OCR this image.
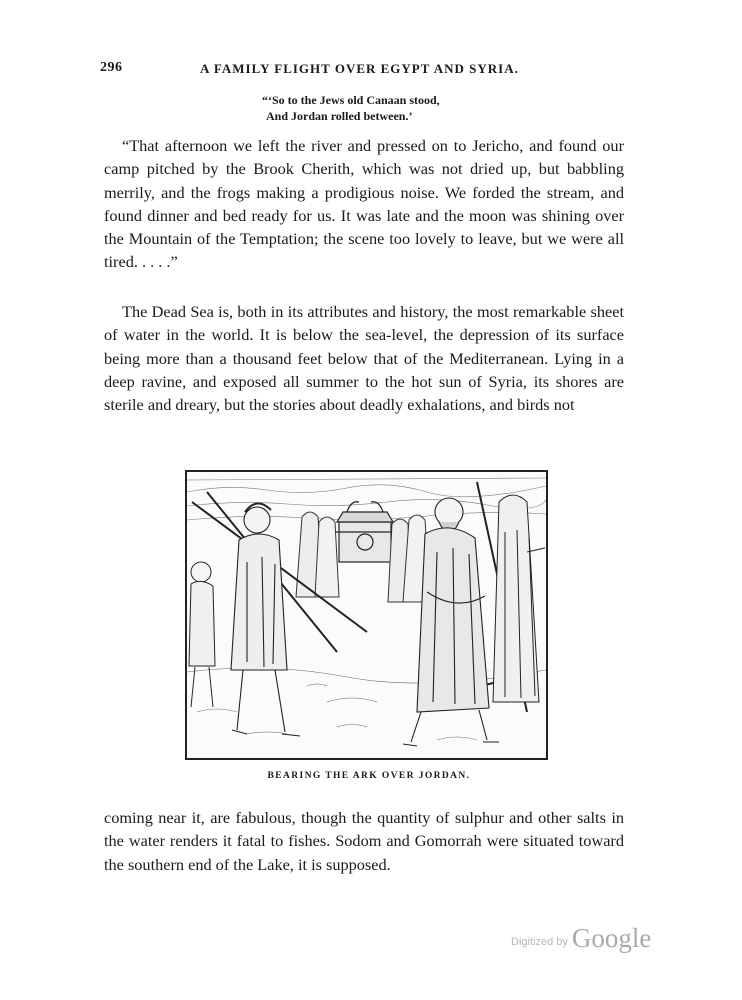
296	A FAMILY FLIGHT OVER EGYPT AND SYRIA.
“‘So to the Jews old Canaan stood,
And Jordan rolled between.’

“That afternoon we left the river and pressed on to Jericho, and found our camp pitched by the Brook Cherith, which was not dried up, but babbling merrily, and the frogs making a prodigious noise. We forded the stream, and found dinner and bed ready for us. It was late and the moon was shining over the Mountain of the Temptation; the scene too lovely to leave, but we were all tired. . . . .”

The Dead Sea is, both in its attributes and history, the most remarkable sheet of water in the world. It is below the sea-level, the depression of its surface being more than a thousand feet below that of the Mediterranean. Lying in a deep ravine, and exposed all summer to the hot sun of Syria, its shores are sterile and dreary, but the stories about deadly exhalations, and birds not

BEARING THE ARK OVER JORDAN.

coming near it, are fabulous, though the quantity of sulphur and other salts in the water renders it fatal to fishes. Sodom and Gomorrah were situated toward the southern end of the Lake, it is supposed.

Digitized by Google
